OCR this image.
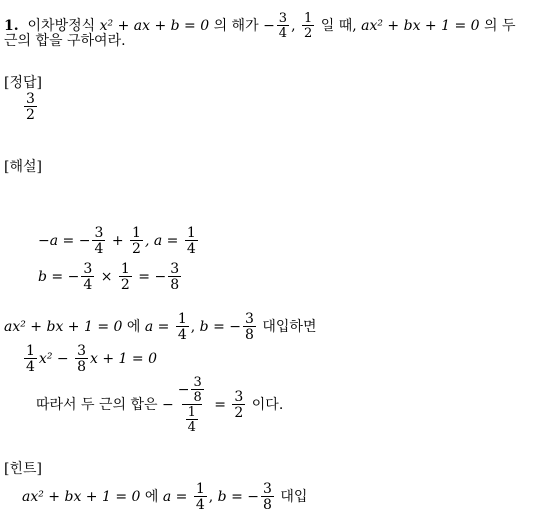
1. 이차방정식 x² + ax + b = 0 의 해가 − $\frac{3}{4}$ , $\frac{1}{2}$ 일 때, ax² + bx + 1 = 0 의 두
근의 합을 구하여라.
[정답]
$\frac{3}{2}$
[해설]
−a = − $\frac{3}{4} + \frac{1}{2}$ , $a = \frac{1}{4}$
b = − $\frac{3}{4} \times \frac{1}{2}$ = − $\frac{3}{8}$
ax² + bx + 1 = 0 에 $a = \frac{1}{4}$ , b = − $\frac{3}{8}$ 대입하면
$\frac{1}{4} x^2 - \frac{3}{8}$ x + 1 = 0
따라서 두 근의 합은 − $\frac{- \frac{3}{8}}{\frac{1}{4}} = \frac{3}{2}$ 이다.
[힌트]
ax² + bx + 1 = 0 에 $a = \frac{1}{4}$ , b = − $\frac{3}{8}$ 대입
